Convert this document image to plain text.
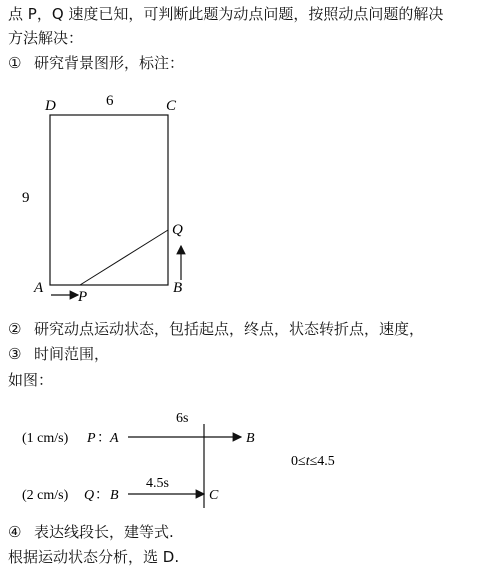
点 P，Q 速度已知，可判断此题为动点问题，按照动点问题的解决
方法解决：
① 研究背景图形，标注：
② 研究动点运动状态，包括起点，终点，状态转折点，速度，
③ 时间范围，
如图：
④ 表达线段长，建等式.
根据运动状态分析，选 D.
D	C
A	B
P
Q
6
9
(1 cm/s) P ： A	B
6s
(2 cm/s) Q ： B	C
4.5s
0≤t≤4.5
